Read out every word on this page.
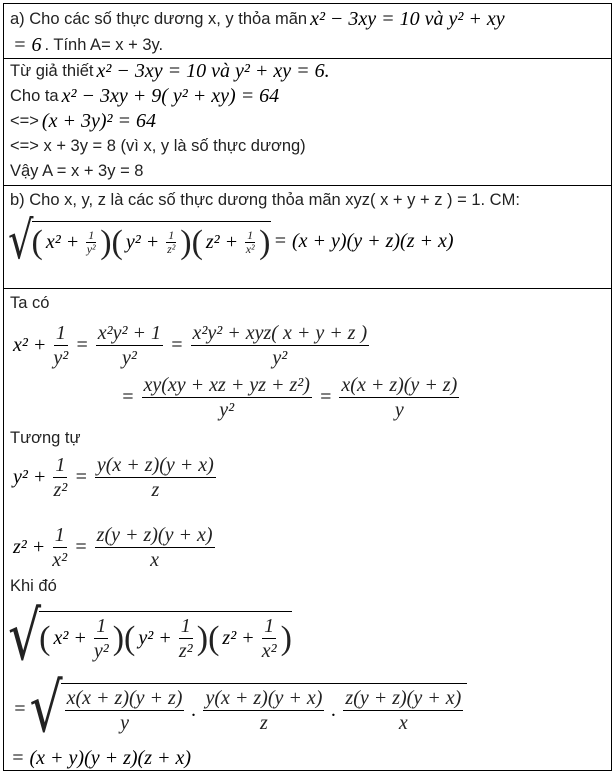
a) Cho các số thực dương x, y thỏa mãn x² − 3xy = 10 và y² + xy
= 6 . Tính A= x + 3y.
Từ giả thiết x² − 3xy = 10 và y² + xy = 6.
Cho ta x² − 3xy + 9( y² + xy) = 64
<=> (x + 3y)² = 64
<=> x + 3y = 8 (vì x, y là số thực dương)
Vậy A = x + 3y = 8
b) Cho x, y, z là các số thực dương thỏa mãn xyz( x + y + z ) = 1. CM:
√
( $x^2 + \frac{1}{\text{y²}}$ ) ( $y^2 + \frac{1}{\text{z²}}$ ) ( $z^2 + \frac{1}{\text{x²}}$ ) = (x + y)(y + z)(z + x)
Ta có
$x^2 + \frac{1}{\text{y²}} = \frac{\text{x²y² + 1}}{\text{y²}} = \frac{\text{x²y² + xyz( x + y + z )}}{\text{y²}}$
= $\frac{\text{xy(xy + xz + yz + z²)}}{\text{y²}} = \frac{x(x + z)(y + z)}{y}$
Tương tự
$y^2 + \frac{1}{\text{z²}} = \frac{y(x + z)(y + x)}{z}$
$z^2 + \frac{1}{\text{x²}} = \frac{z(y + z)(y + x)}{x}$
Khi đó
√
( $x^2 + \frac{1}{\text{y²}}$ ) ( $y^2 + \frac{1}{\text{z²}}$ ) ( $z^2 + \frac{1}{\text{x²}}$ )
= √ $\frac{x(x + z)(y + z)}{y}$ . $\frac{y(x + z)(y + x)}{z}$ . $\frac{z(y + z)(y + x)}{x}$
= (x + y)(y + z)(z + x)
